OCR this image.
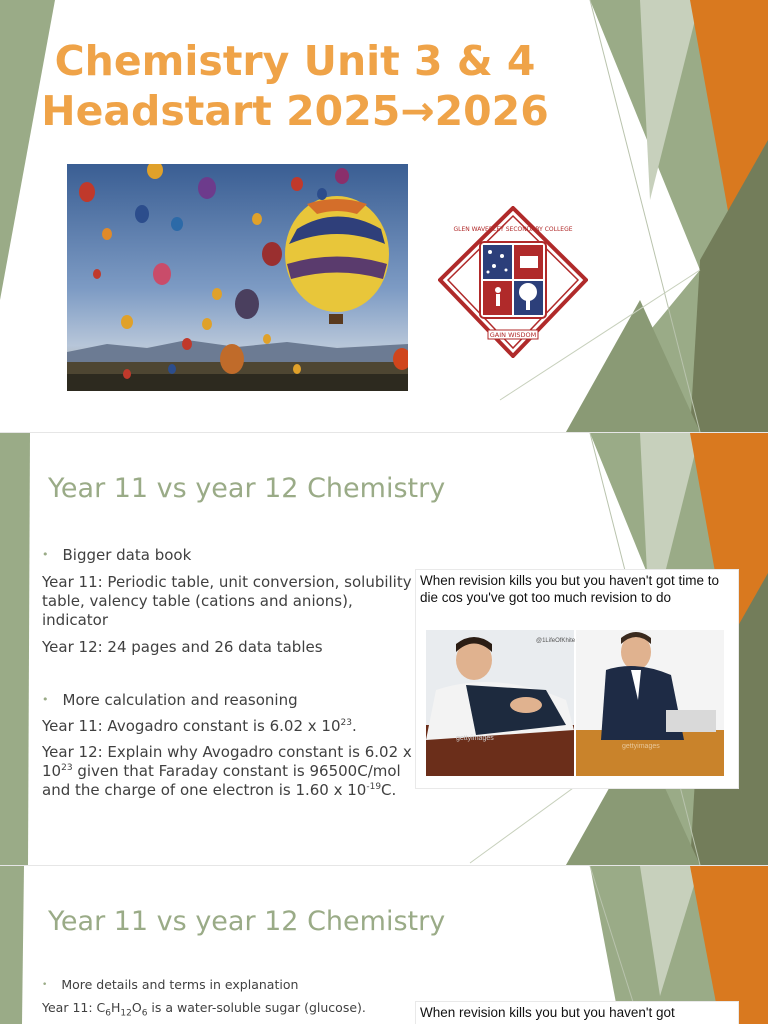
Chemistry Unit 3 & 4
Headstart 2025→2026
GLEN WAVERLEY SECONDARY COLLEGE
GAIN WISDOM
Year 11 vs year 12 Chemistry
• Bigger data book
Year 11: Periodic table, unit conversion, solubility table, valency table (cations and anions), indicator
Year 12: 24 pages and 26 data tables
• More calculation and reasoning
Year 11: Avogadro constant is 6.02 x $10^{23}$.
Year 12: Explain why Avogadro constant is 6.02 x $10^{23}$ given that Faraday constant is 96500C/mol and the charge of one electron is 1.60 x $10^{-19}C$.
When revision kills you but you haven't got time to die cos you've got too much revision to do
@1LifeOfKhite
gettyimages
gettyimages
Year 11 vs year 12 Chemistry
• More details and terms in explanation
Year 11: $C_6H_{12}O_6$ is a water-soluble sugar (glucose).	When revision kills you but you haven't got
